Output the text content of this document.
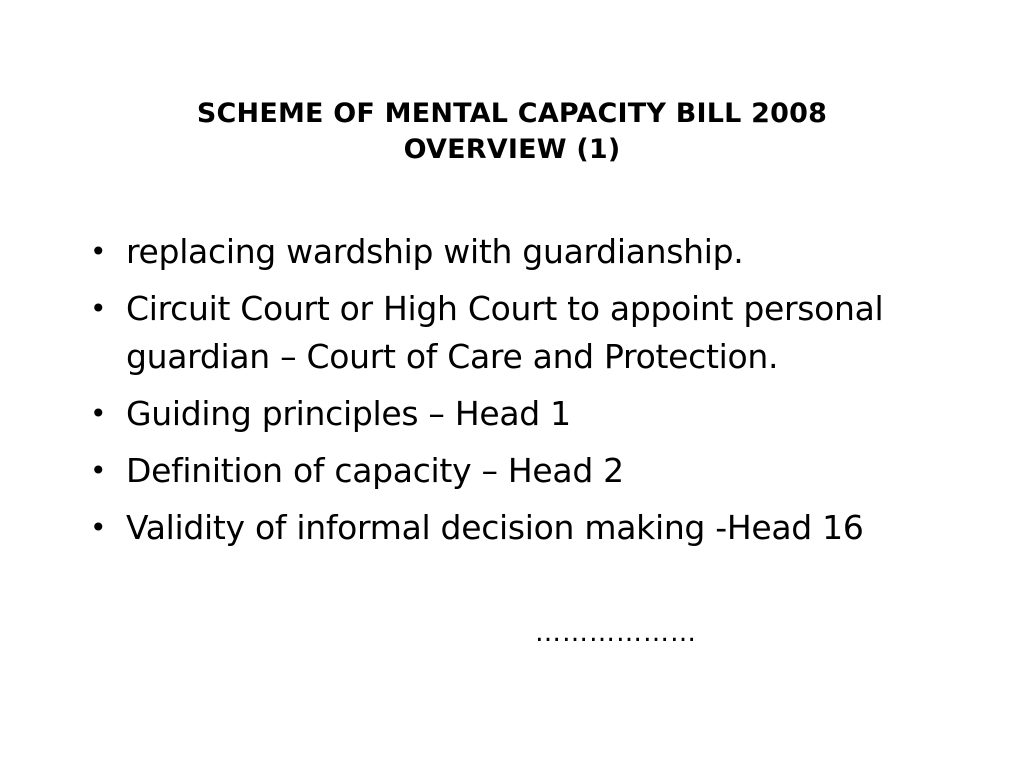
SCHEME OF MENTAL CAPACITY BILL 2008
OVERVIEW (1)
• replacing wardship with guardianship.
• Circuit Court or High Court to appoint personal guardian – Court of Care and Protection.
• Guiding principles – Head 1
• Definition of capacity – Head 2
• Validity of informal decision making -Head 16
………………
